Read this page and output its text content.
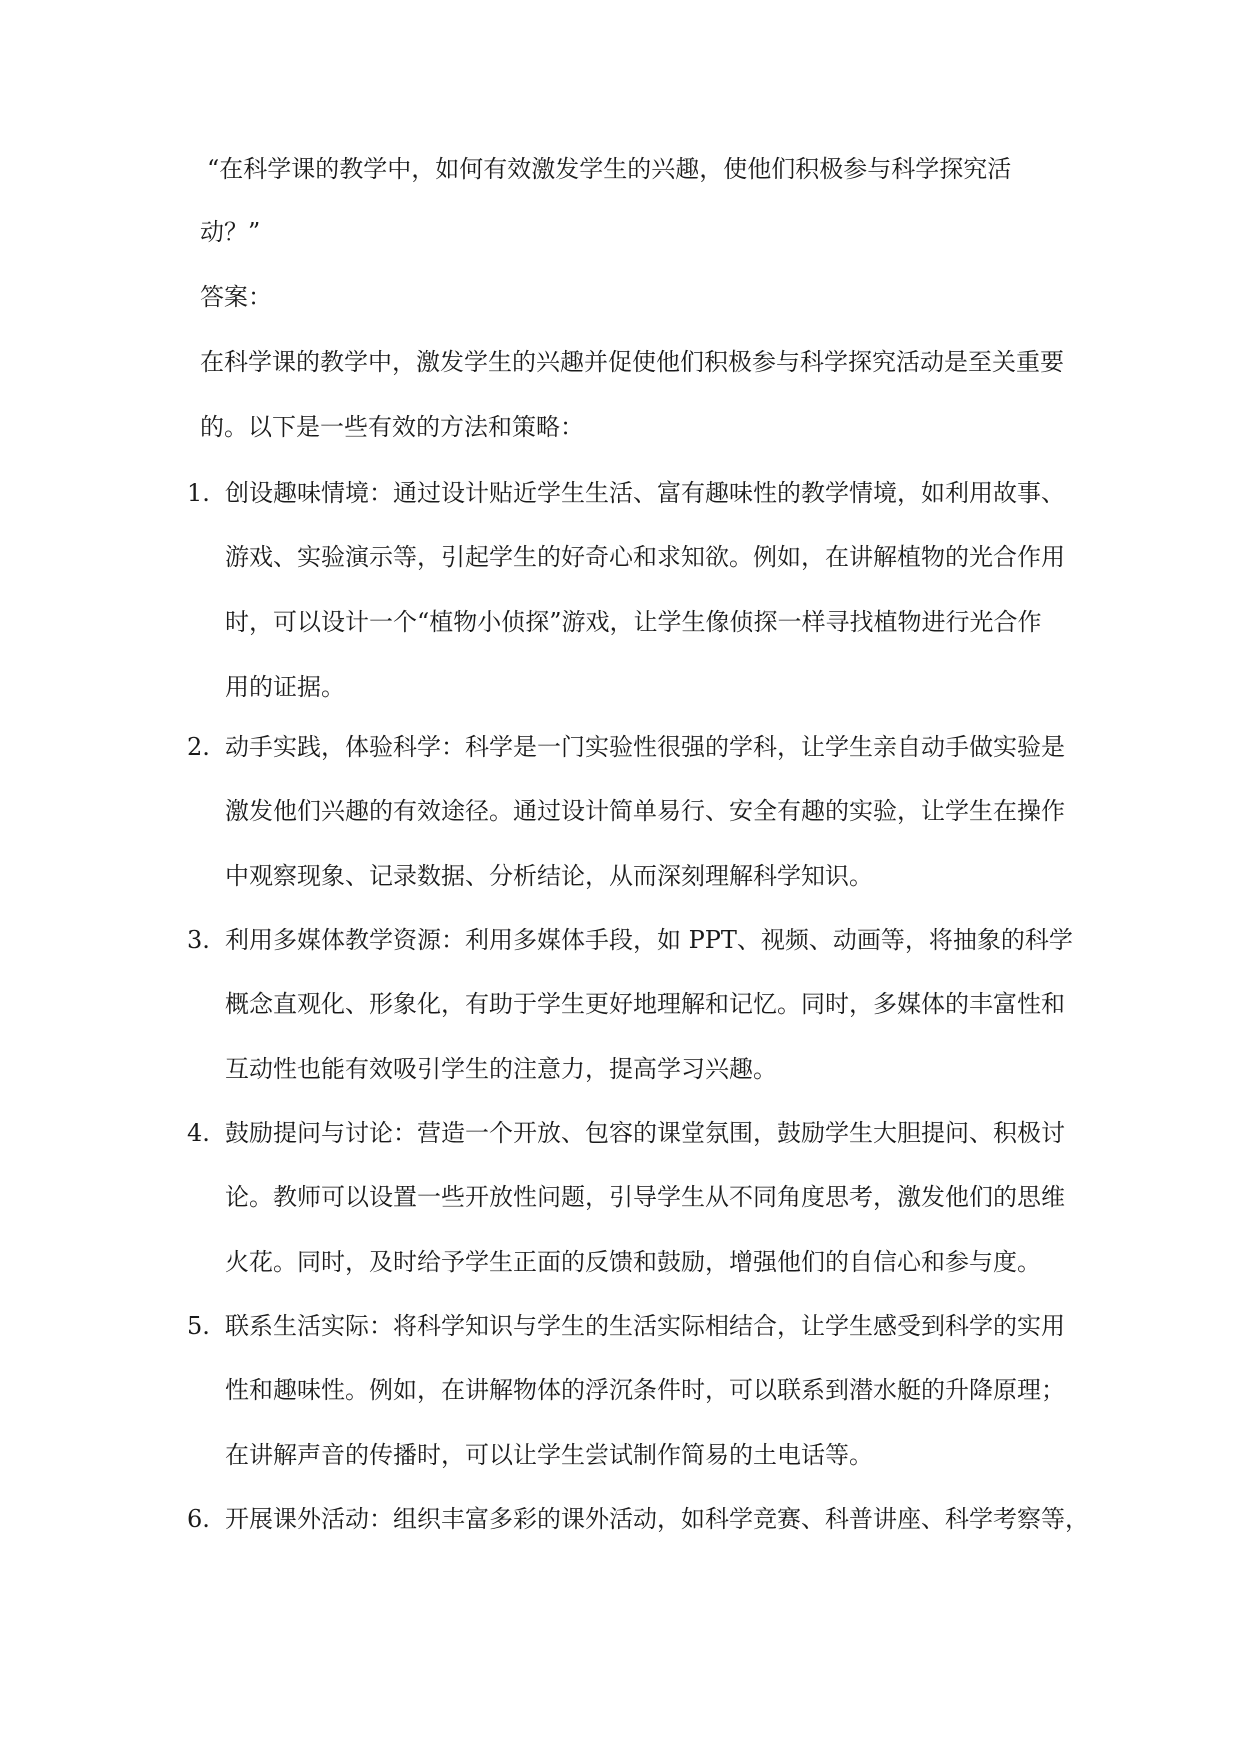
“在科学课的教学中，如何有效激发学生的兴趣，使他们积极参与科学探究活
动？”
答案：
在科学课的教学中，激发学生的兴趣并促使他们积极参与科学探究活动是至关重要
的。以下是一些有效的方法和策略：
1. 创设趣味情境：通过设计贴近学生生活、富有趣味性的教学情境，如利用故事、
游戏、实验演示等，引起学生的好奇心和求知欲。例如，在讲解植物的光合作用
时，可以设计一个“植物小侦探”游戏，让学生像侦探一样寻找植物进行光合作
用的证据。
2. 动手实践，体验科学：科学是一门实验性很强的学科，让学生亲自动手做实验是
激发他们兴趣的有效途径。通过设计简单易行、安全有趣的实验，让学生在操作
中观察现象、记录数据、分析结论，从而深刻理解科学知识。
3. 利用多媒体教学资源：利用多媒体手段，如 PPT、视频、动画等，将抽象的科学
概念直观化、形象化，有助于学生更好地理解和记忆。同时，多媒体的丰富性和
互动性也能有效吸引学生的注意力，提高学习兴趣。
4. 鼓励提问与讨论：营造一个开放、包容的课堂氛围，鼓励学生大胆提问、积极讨
论。教师可以设置一些开放性问题，引导学生从不同角度思考，激发他们的思维
火花。同时，及时给予学生正面的反馈和鼓励，增强他们的自信心和参与度。
5. 联系生活实际：将科学知识与学生的生活实际相结合，让学生感受到科学的实用
性和趣味性。例如，在讲解物体的浮沉条件时，可以联系到潜水艇的升降原理；
在讲解声音的传播时，可以让学生尝试制作简易的土电话等。
6. 开展课外活动：组织丰富多彩的课外活动，如科学竞赛、科普讲座、科学考察等，
